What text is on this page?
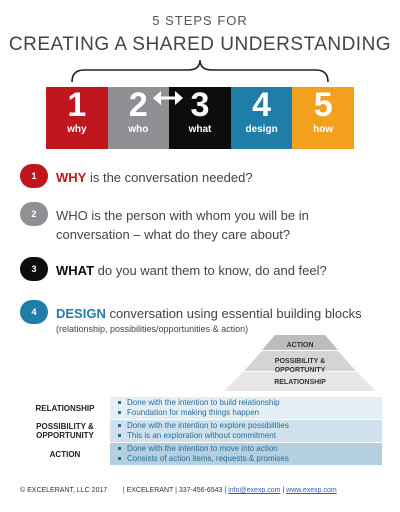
5 STEPS FOR
CREATING A SHARED UNDERSTANDING
1
why
2
who
3
what
4
design
5
how
1	WHY is the conversation needed?
2	WHO is the person with whom you will be in
conversation – what do they care about?
3	WHAT do you want them to know, do and feel?
4	DESIGN conversation using essential building blocks
(relationship, possibilities/opportunities & action)
ACTION
POSSIBILITY &
OPPORTUNITY
RELATIONSHIP
RELATIONSHIP
Done with the intention to build relationship
Foundation for making things happen
POSSIBILITY & OPPORTUNITY
Done with the intention to explore possibilities
This is an exploration without commitment
ACTION
Done with the intention to move into action
Consists of action items, requests & promises
© EXCELERANT, LLC 2017 | EXCELERANT | 337-456-6543 | info@exexp.com | www.exexp.com
